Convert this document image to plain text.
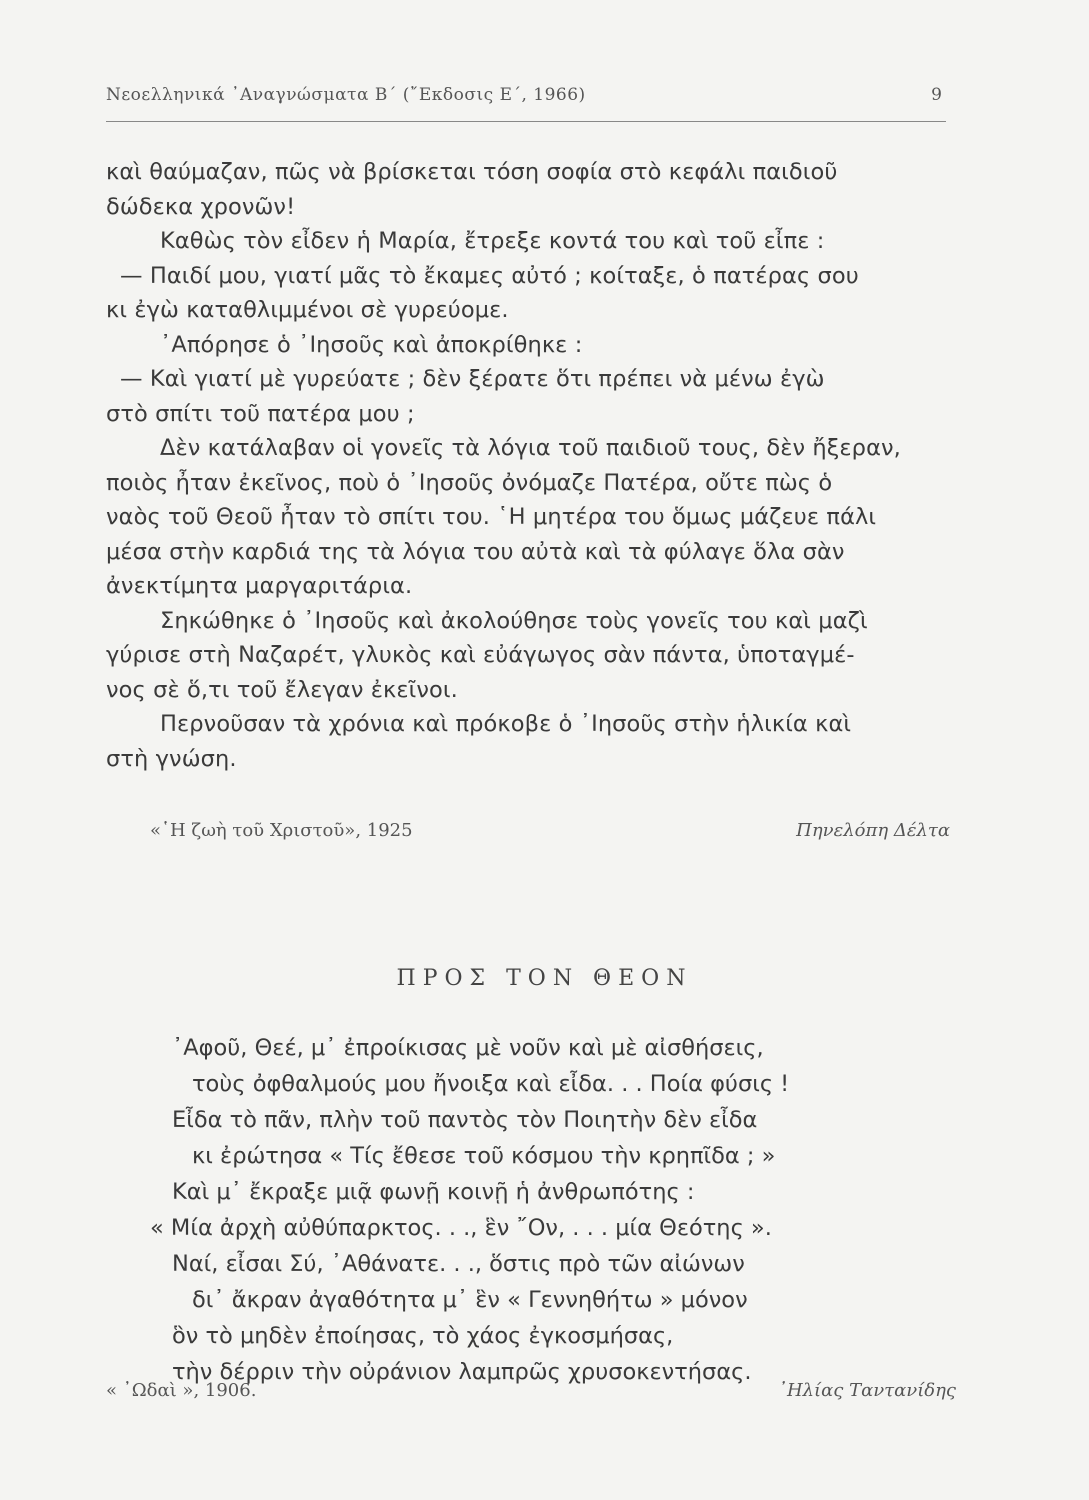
Νεοελληνικά ᾿Αναγνώσματα Β΄ (῎Εκδοσις Ε΄, 1966)	9

καὶ θαύμαζαν, πῶς νὰ βρίσκεται τόση σοφία στὸ κεφάλι παιδιοῦ
δώδεκα χρονῶν!

Καθὼς τὸν εἶδεν ἡ Μαρία, ἔτρεξε κοντά του καὶ τοῦ εἶπε :

— Παιδί μου, γιατί μᾶς τὸ ἔκαμες αὐτό ; κοίταξε, ὁ πατέρας σου
κι ἐγὼ καταθλιμμένοι σὲ γυρεύομε.

᾿Απόρησε ὁ ᾿Ιησοῦς καὶ ἀποκρίθηκε :

— Καὶ γιατί μὲ γυρεύατε ; δὲν ξέρατε ὅτι πρέπει νὰ μένω ἐγὼ
στὸ σπίτι τοῦ πατέρα μου ;

Δὲν κατάλαβαν οἱ γονεῖς τὰ λόγια τοῦ παιδιοῦ τους, δὲν ἤξεραν,
ποιὸς ἦταν ἐκεῖνος, ποὺ ὁ ᾿Ιησοῦς ὀνόμαζε Πατέρα, οὔτε πὼς ὁ
ναὸς τοῦ Θεοῦ ἦταν τὸ σπίτι του. ῾Η μητέρα του ὅμως μάζευε πάλι
μέσα στὴν καρδιά της τὰ λόγια του αὐτὰ καὶ τὰ φύλαγε ὅλα σὰν
ἀνεκτίμητα μαργαριτάρια.

Σηκώθηκε ὁ ᾿Ιησοῦς καὶ ἀκολούθησε τοὺς γονεῖς του καὶ μαζὶ
γύρισε στὴ Ναζαρέτ, γλυκὸς καὶ εὐάγωγος σὰν πάντα, ὑποταγμέ-
νος σὲ ὅ,τι τοῦ ἔλεγαν ἐκεῖνοι.

Περνοῦσαν τὰ χρόνια καὶ πρόκοβε ὁ ᾿Ιησοῦς στὴν ἡλικία καὶ
στὴ γνώση.

«῾Η ζωὴ τοῦ Χριστοῦ», 1925	Πηνελόπη Δέλτα
ΠΡΟΣ ΤΟΝ ΘΕΟΝ
᾿Αφοῦ, Θεέ, μ᾿ ἐπροίκισας μὲ νοῦν καὶ μὲ αἰσθήσεις,
τοὺς ὀφθαλμούς μου ἤνοιξα καὶ εἶδα. . . Ποία φύσις !
Εἶδα τὸ πᾶν, πλὴν τοῦ παντὸς τὸν Ποιητὴν δὲν εἶδα
κι ἐρώτησα « Τίς ἔθεσε τοῦ κόσμου τὴν κρηπῖδα ; »
Καὶ μ᾿ ἔκραξε μιᾷ φωνῇ κοινῇ ἡ ἀνθρωπότης :
« Μία ἀρχὴ αὐθύπαρκτος. . ., ἓν ῎Ον, . . . μία Θεότης ».
Ναί, εἶσαι Σύ, ᾿Αθάνατε. . ., ὅστις πρὸ τῶν αἰώνων
δι᾿ ἄκραν ἀγαθότητα μ᾿ ἓν « Γεννηθήτω » μόνον
ὃν τὸ μηδὲν ἐποίησας, τὸ χάος ἐγκοσμήσας,
τὴν δέρριν τὴν οὐράνιον λαμπρῶς χρυσοκεντήσας.
« ᾿Ωδαὶ », 1906.	᾿Ηλίας Ταντανίδης
